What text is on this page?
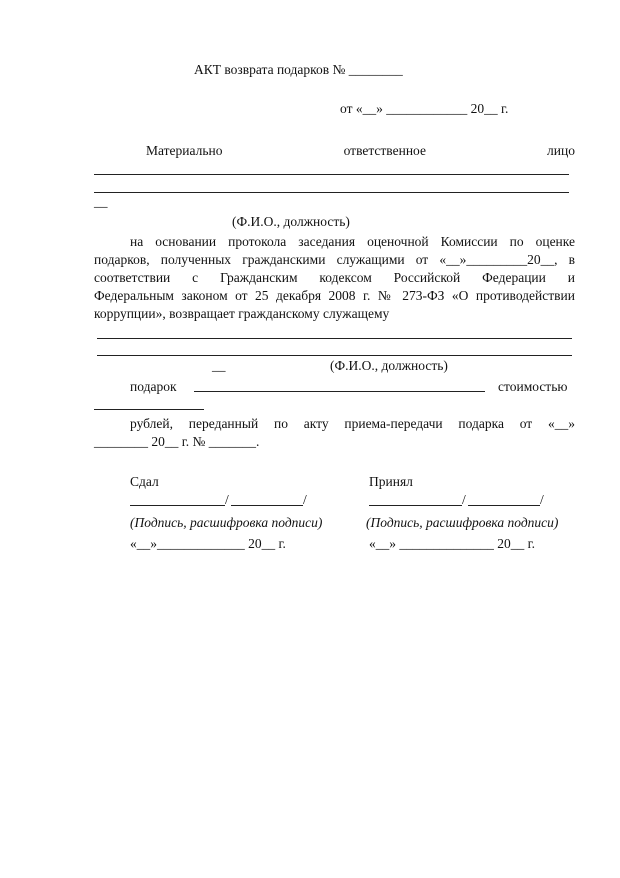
АКТ возврата подарков № ________
от «__» ____________ 20__ г.
Материально	ответственное	лицо
__
(Ф.И.О., должность)
на основании протокола заседания оценочной Комиссии по оценке
подарков, полученных гражданскими служащими от «__»_________20__, в
соответствии с Гражданским кодексом Российской Федерации и
Федеральным законом от 25 декабря 2008 г. № 273-ФЗ «О противодействии
коррупции», возвращает гражданскому служащему
__	(Ф.И.О., должность)
подарок	стоимостью
рублей, переданный по акту приема-передачи подарка от «__»
________ 20__ г. № _______.
Сдал
/	/
(Подпись, расшифровка подписи)
«__»_____________ 20__ г.
Принял
/	/
(Подпись, расшифровка подписи)
«__» ______________ 20__ г.
